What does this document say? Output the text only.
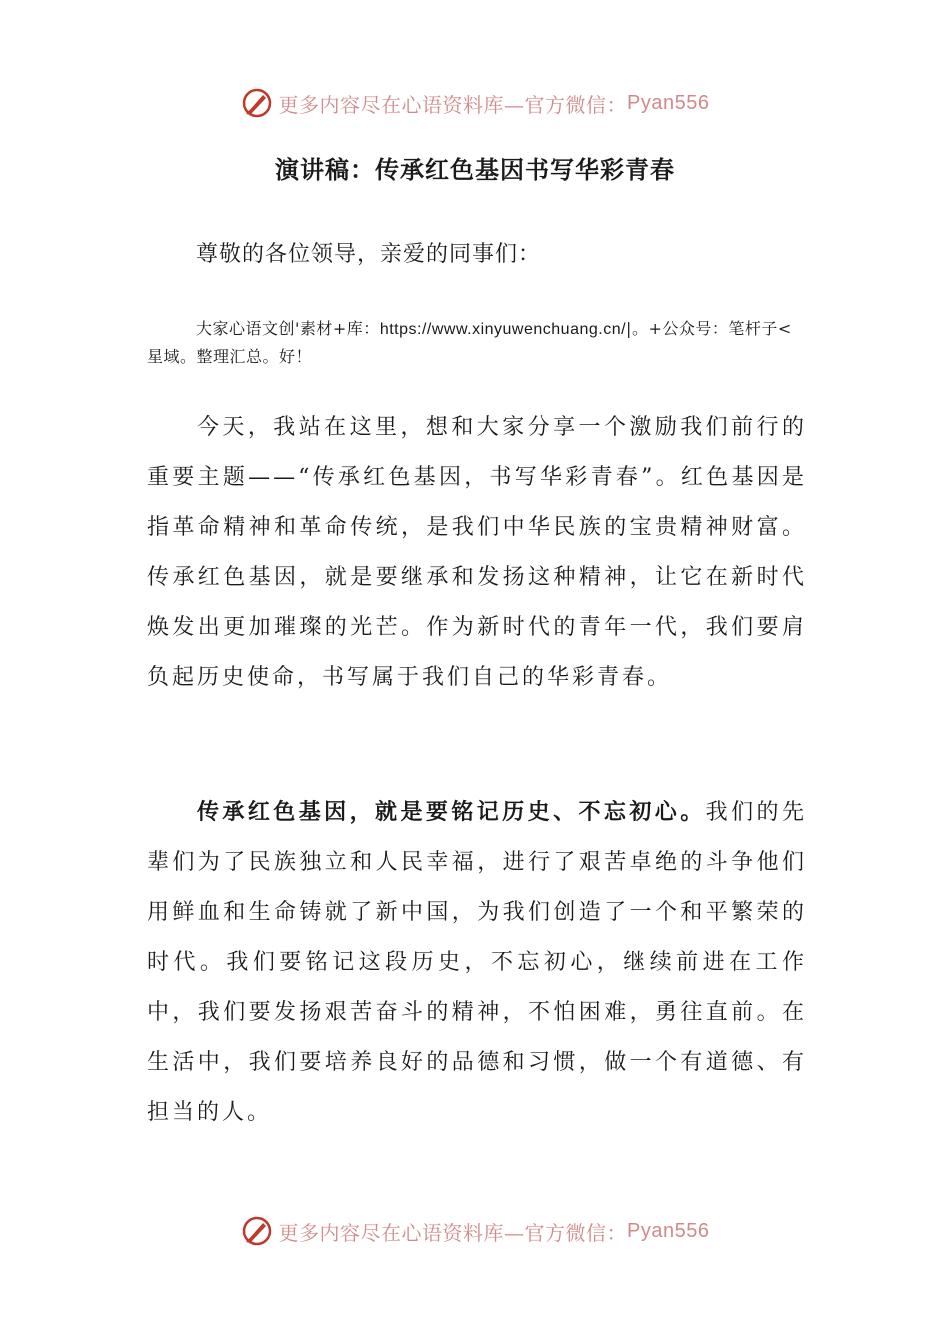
更多内容尽在心语资料库—官方微信： Pyan556
演讲稿：传承红色基因书写华彩青春
尊敬的各位领导，亲爱的同事们：
大家心语文创'素材+库：https://www.xinyuwenchuang.cn/|。+公众号：笔杆子<星域。整理汇总。好！
今天，我站在这里，想和大家分享一个激励我们前行的重要主题——“传承红色基因，书写华彩青春”。红色基因是指革命精神和革命传统，是我们中华民族的宝贵精神财富。传承红色基因，就是要继承和发扬这种精神，让它在新时代焕发出更加璀璨的光芒。作为新时代的青年一代，我们要肩负起历史使命，书写属于我们自己的华彩青春。
传承红色基因，就是要铭记历史、不忘初心。我们的先辈们为了民族独立和人民幸福，进行了艰苦卓绝的斗争他们用鲜血和生命铸就了新中国，为我们创造了一个和平繁荣的时代。我们要铭记这段历史，不忘初心，继续前进在工作中，我们要发扬艰苦奋斗的精神，不怕困难，勇往直前。在生活中，我们要培养良好的品德和习惯，做一个有道德、有担当的人。
更多内容尽在心语资料库—官方微信： Pyan556
